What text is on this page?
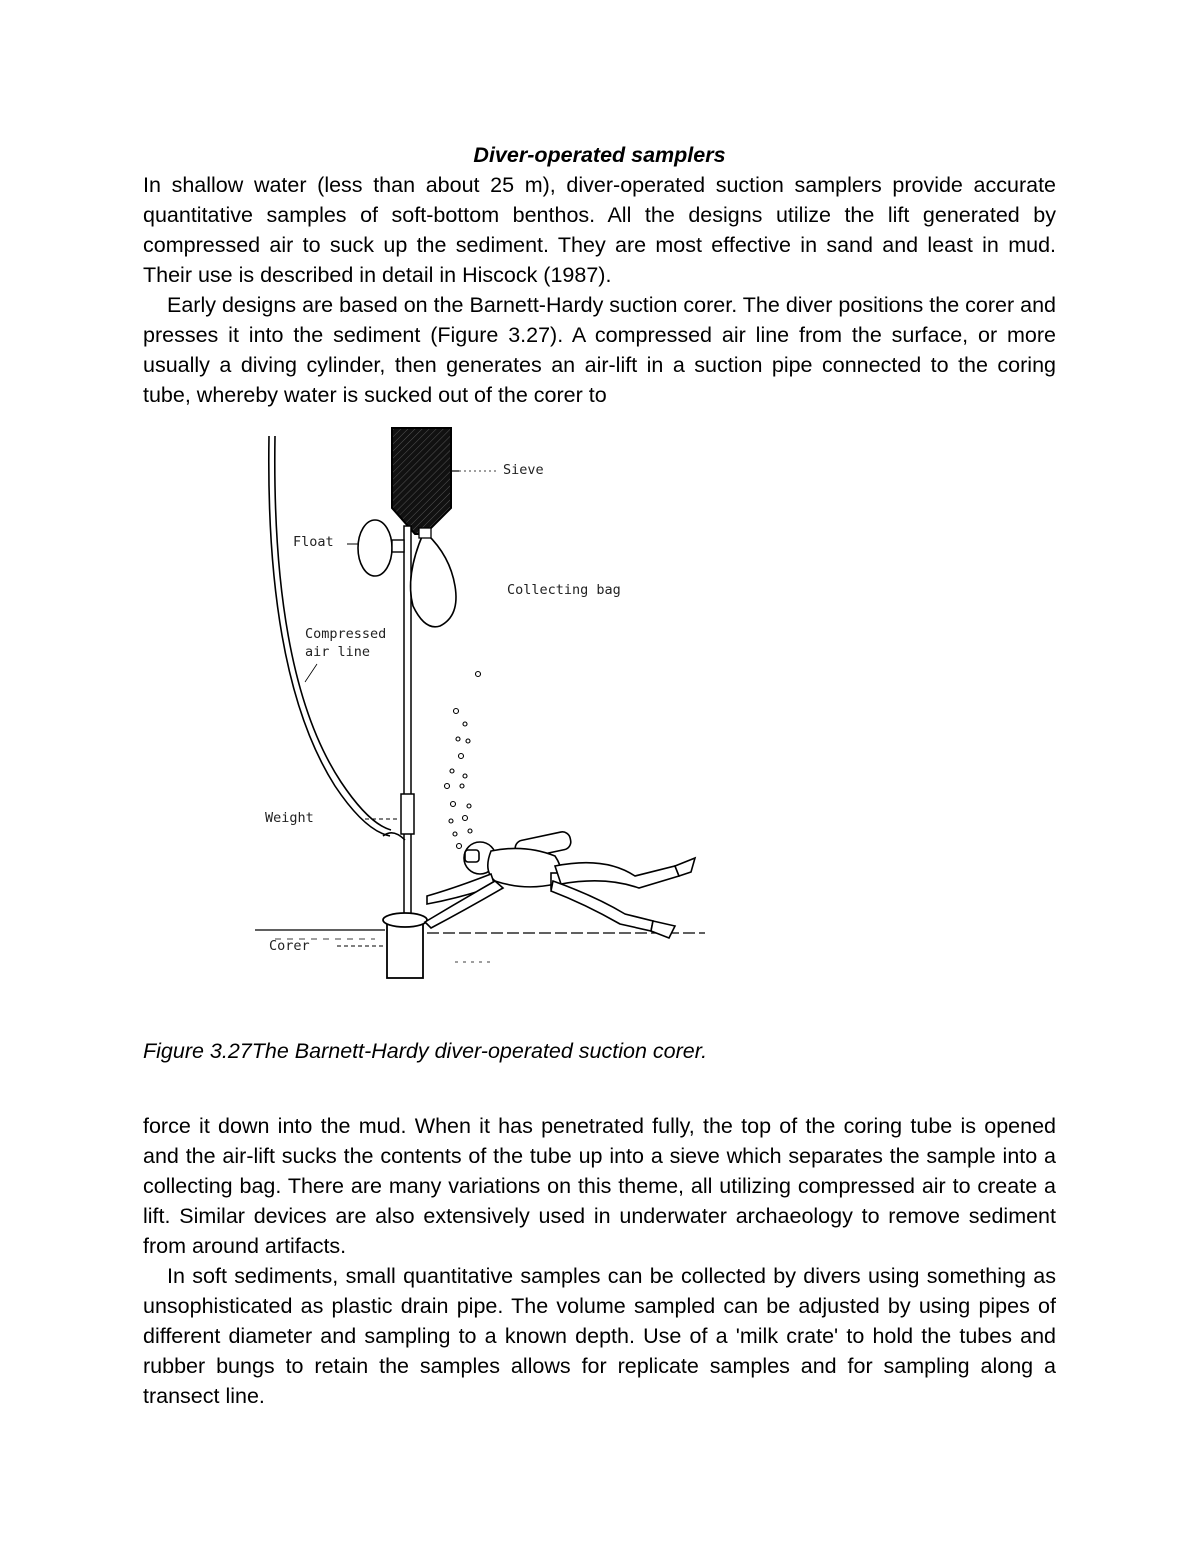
Diver-operated samplers

In shallow water (less than about 25 m), diver-operated suction samplers provide accurate quantitative samples of soft-bottom benthos. All the designs utilize the lift generated by compressed air to suck up the sediment. They are most effective in sand and least in mud. Their use is described in detail in Hiscock (1987).

Early designs are based on the Barnett-Hardy suction corer. The diver positions the corer and presses it into the sediment (Figure 3.27). A compressed air line from the surface, or more usually a diving cylinder, then generates an air-lift in a suction pipe connected to the coring tube, whereby water is sucked out of the corer to

Sieve
Float
Collecting bag
Compressed
air line
Weight
Corer

Figure 3.27The Barnett-Hardy diver-operated suction corer.

force it down into the mud. When it has penetrated fully, the top of the coring tube is opened and the air-lift sucks the contents of the tube up into a sieve which separates the sample into a collecting bag. There are many variations on this theme, all utilizing compressed air to create a lift. Similar devices are also extensively used in underwater archaeology to remove sediment from around artifacts.

In soft sediments, small quantitative samples can be collected by divers using something as unsophisticated as plastic drain pipe. The volume sampled can be adjusted by using pipes of different diameter and sampling to a known depth. Use of a 'milk crate' to hold the tubes and rubber bungs to retain the samples allows for replicate samples and for sampling along a transect line.
